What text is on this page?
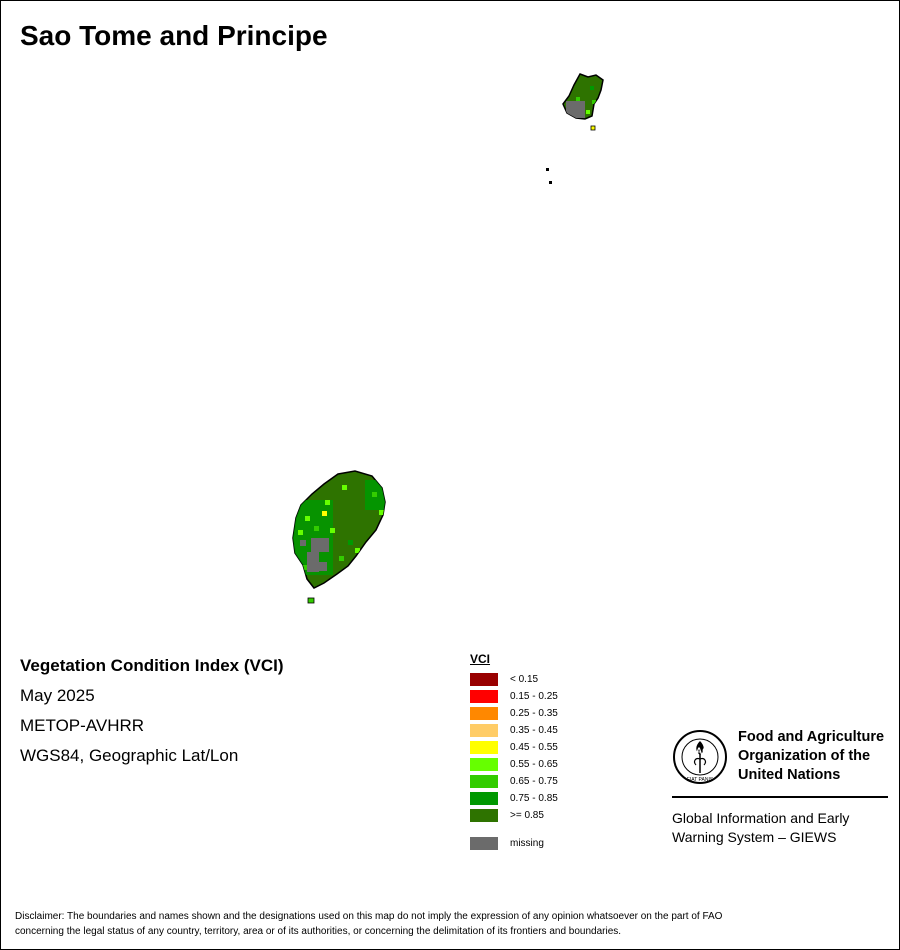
Sao Tome and Principe
Vegetation Condition Index (VCI)
May 2025
METOP-AVHRR
WGS84, Geographic Lat/Lon
VCI
< 0.15
0.15 - 0.25
0.25 - 0.35
0.35 - 0.45
0.45 - 0.55
0.55 - 0.65
0.65 - 0.75
0.75 - 0.85
>= 0.85
missing
FAO
FIAT PANIS
Food and Agriculture
Organization of the
United Nations
Global Information and Early
Warning System – GIEWS
Disclaimer: The boundaries and names shown and the designations used on this map do not imply the expression of any opinion whatsoever on the part of FAO
concerning the legal status of any country, territory, area or of its authorities, or concerning the delimitation of its frontiers and boundaries.
